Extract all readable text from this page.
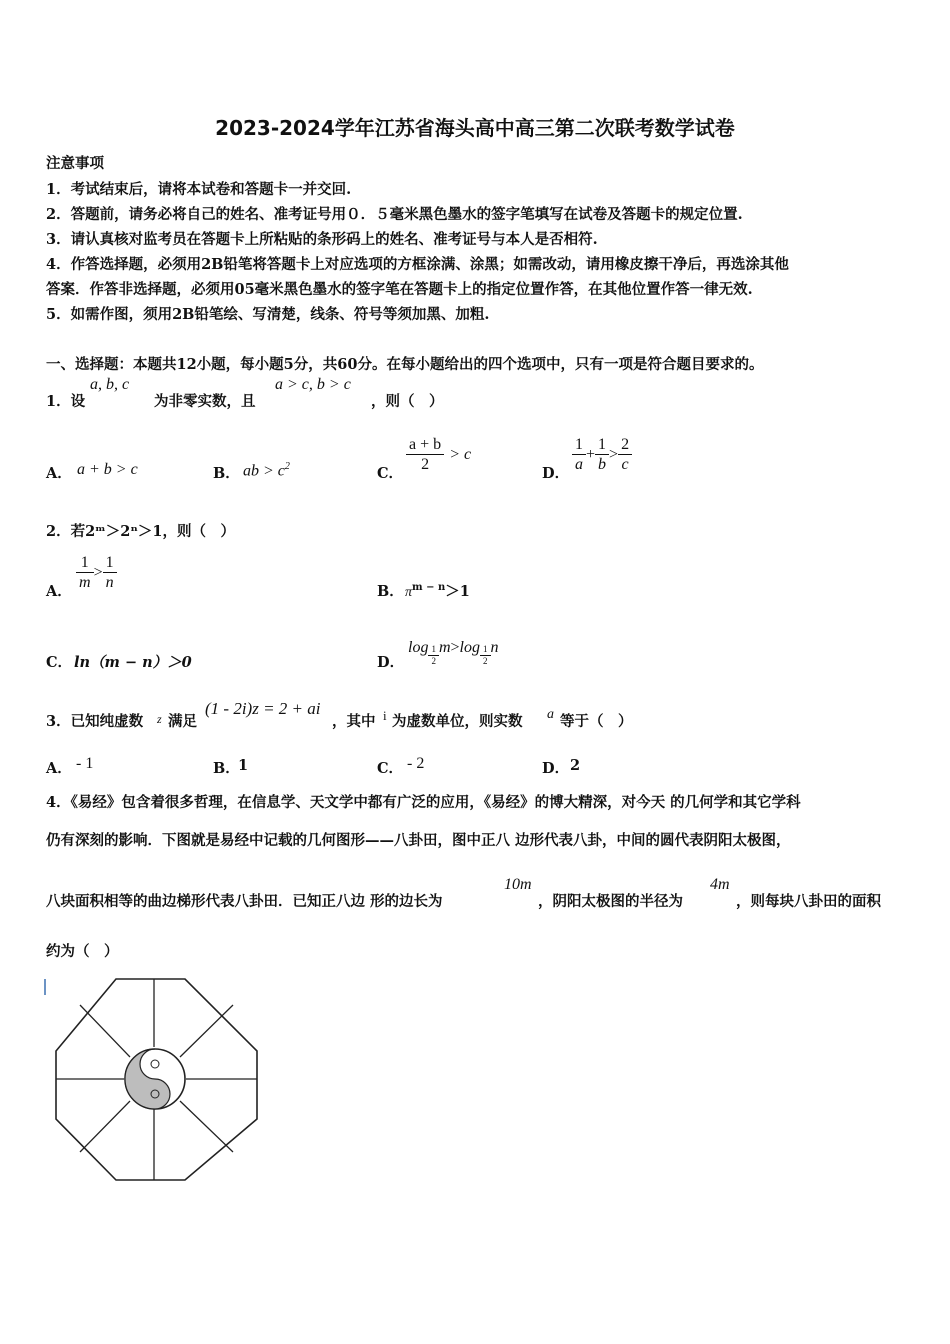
2023-2024学年江苏省海头高中高三第二次联考数学试卷
注意事项
1．考试结束后，请将本试卷和答题卡一并交回.
2．答题前，请务必将自己的姓名、准考证号用０．５毫米黑色墨水的签字笔填写在试卷及答题卡的规定位置.
3．请认真核对监考员在答题卡上所粘贴的条形码上的姓名、准考证号与本人是否相符.
4．作答选择题，必须用2B铅笔将答题卡上对应选项的方框涂满、涂黑；如需改动，请用橡皮擦干净后，再选涂其他
答案．作答非选择题，必须用05毫米黑色墨水的签字笔在答题卡上的指定位置作答，在其他位置作答一律无效.
5．如需作图，须用2B铅笔绘、写清楚，线条、符号等须加黑、加粗.
一、选择题：本题共12小题，每小题5分，共60分。在每小题给出的四个选项中，只有一项是符合题目要求的。
1．设
a, b, c
为非零实数，且
a > c, b > c
，则（　）
A． a + b > c	B． ab > $c^2$	C． $\frac{a + b}{2} > c$
D． $\frac{1}{a} + \frac{1}{b} > \frac{2}{c}$
2．若2ᵐ＞2ⁿ＞1，则（　）
A． $\frac{1}{m} > \frac{1}{n}$	B． $\pi^{m - n}>1$
C． ln（m − n）＞0	D．
$\log \frac{1}{2} m>\log \frac{1}{2}$ n
3．已知纯虚数 z 满足
(1 - 2i)z = 2 + ai
，其中 i 为虚数单位，则实数 a 等于（　）
A． - 1	B．
1	C． - 2	D． 2
4．《易经》包含着很多哲理，在信息学、天文学中都有广泛的应用，《易经》的博大精深，对今天 的几何学和其它学科
仍有深刻的影响．下图就是易经中记载的几何图形——八卦田，图中正八 边形代表八卦，中间的圆代表阴阳太极图，
八块面积相等的曲边梯形代表八卦田．已知正八边 形的边长为
10m
，阴阳太极图的半径为
4m
，则每块八卦田的面积
约为（　）
